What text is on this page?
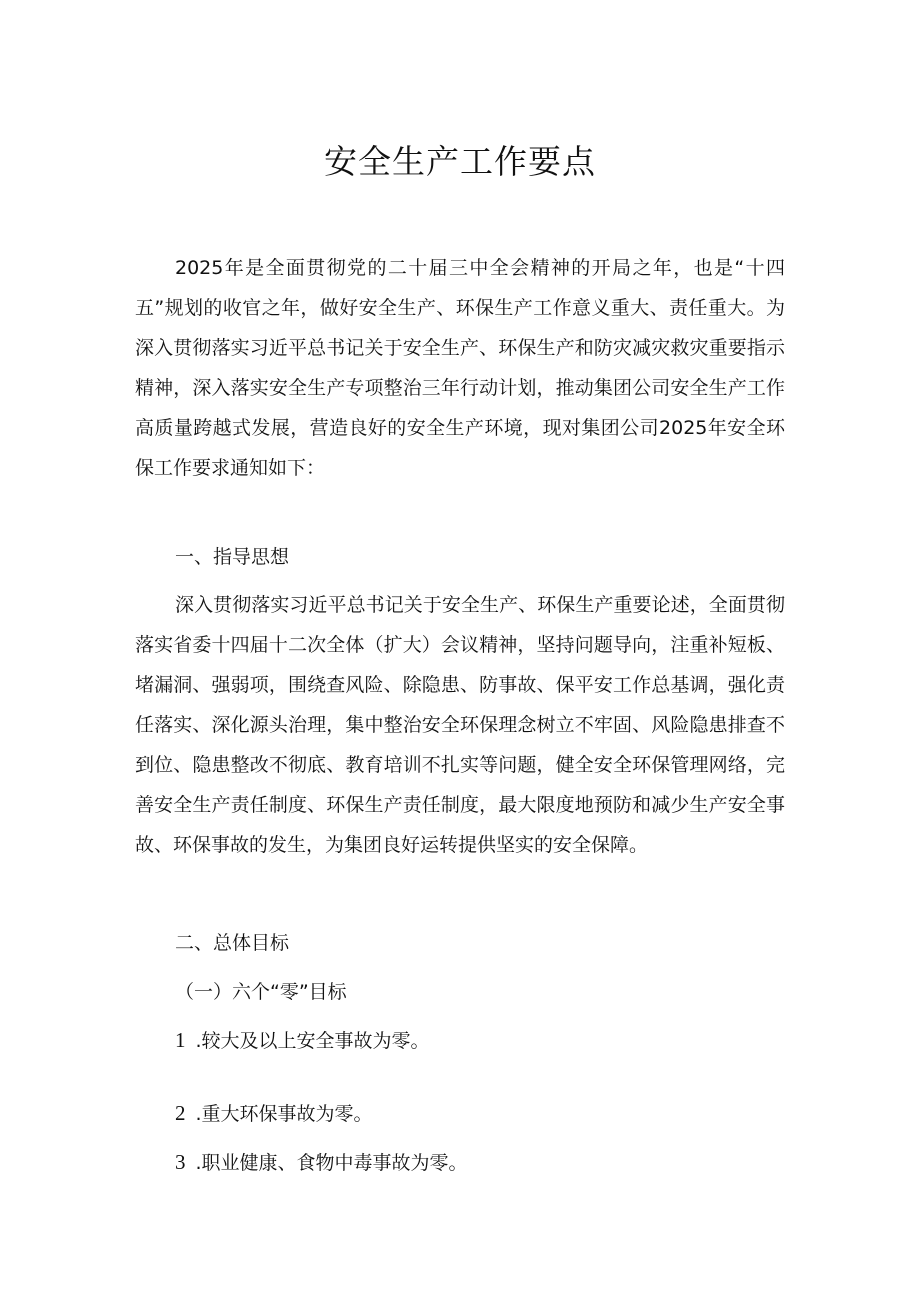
安全生产工作要点

2025年是全面贯彻党的二十届三中全会精神的开局之年，也是“十四五”规划的收官之年，做好安全生产、环保生产工作意义重大、责任重大。为深入贯彻落实习近平总书记关于安全生产、环保生产和防灾减灾救灾重要指示精神，深入落实安全生产专项整治三年行动计划，推动集团公司安全生产工作高质量跨越式发展，营造良好的安全生产环境，现对集团公司2025年安全环保工作要求通知如下：

一、指导思想

深入贯彻落实习近平总书记关于安全生产、环保生产重要论述，全面贯彻落实省委十四届十二次全体（扩大）会议精神，坚持问题导向，注重补短板、堵漏洞、强弱项，围绕查风险、除隐患、防事故、保平安工作总基调，强化责任落实、深化源头治理，集中整治安全环保理念树立不牢固、风险隐患排查不到位、隐患整改不彻底、教育培训不扎实等问题，健全安全环保管理网络，完善安全生产责任制度、环保生产责任制度，最大限度地预防和减少生产安全事故、环保事故的发生，为集团良好运转提供坚实的安全保障。

二、总体目标

（一）六个“零”目标

1 .较大及以上安全事故为零。

2 .重大环保事故为零。

3 .职业健康、食物中毒事故为零。
